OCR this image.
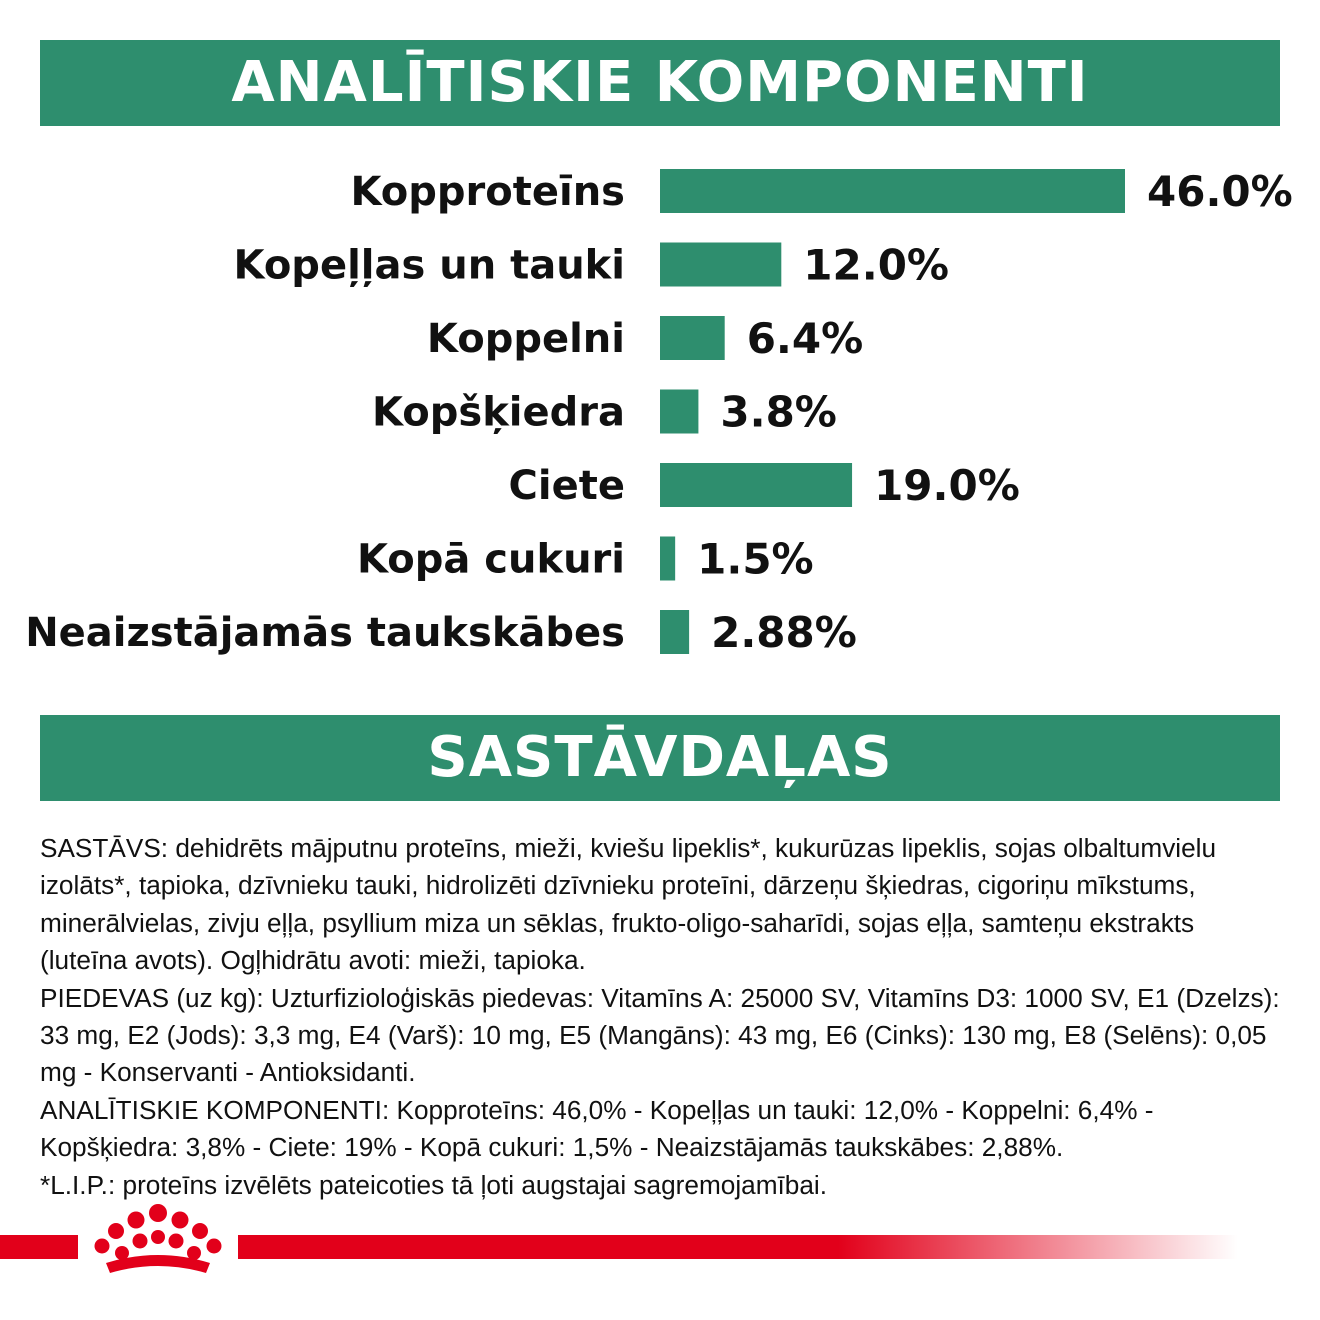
ANALĪTISKIE KOMPONENTI
Kopproteīns	46.0%
Kopeļļas un tauki	12.0%
Koppelni	6.4%
Kopšķiedra 3.8%
Ciete	19.0%
Kopā cukuri 1.5%
Neaizstājamās taukskābes 2.88%
SASTĀVDAĻAS

SASTĀVS: dehidrēts mājputnu proteīns, mieži, kviešu lipeklis*, kukurūzas lipeklis, sojas olbaltumvielu izolāts*, tapioka, dzīvnieku tauki, hidrolizēti dzīvnieku proteīni, dārzeņu šķiedras, cigoriņu mīkstums, minerālvielas, zivju eļļa, psyllium miza un sēklas, frukto-oligo-saharīdi, sojas eļļa, samteņu ekstrakts (luteīna avots). Ogļhidrātu avoti: mieži, tapioka.

PIEDEVAS (uz kg): Uzturfizioloģiskās piedevas: Vitamīns A: 25000 SV, Vitamīns D3: 1000 SV, E1 (Dzelzs): 33 mg, E2 (Jods): 3,3 mg, E4 (Varš): 10 mg, E5 (Mangāns): 43 mg, E6 (Cinks): 130 mg, E8 (Selēns): 0,05 mg - Konservanti - Antioksidanti.

ANALĪTISKIE KOMPONENTI: Kopproteīns: 46,0% - Kopeļļas un tauki: 12,0% - Koppelni: 6,4% - Kopšķiedra: 3,8% - Ciete: 19% - Kopā cukuri: 1,5% - Neaizstājamās taukskābes: 2,88%.

*L.I.P.: proteīns izvēlēts pateicoties tā ļoti augstajai sagremojamībai.
